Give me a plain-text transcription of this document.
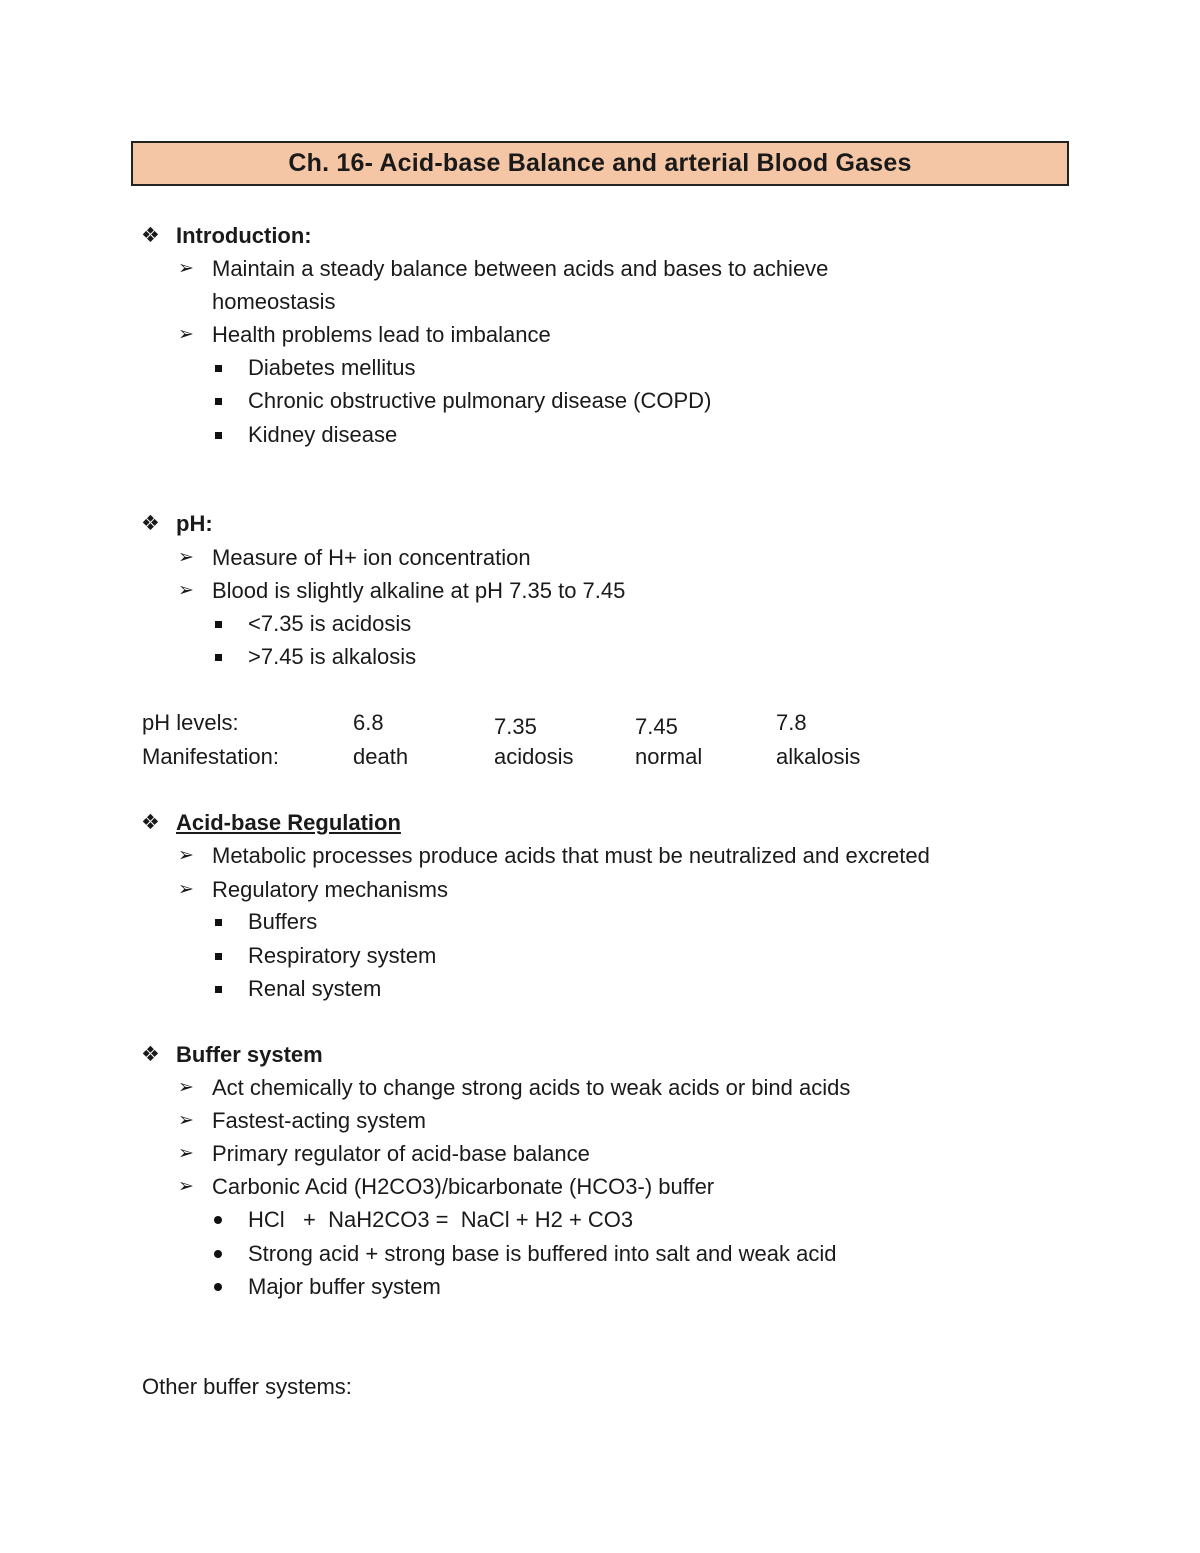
Ch. 16- Acid-base Balance and arterial Blood Gases
❖ Introduction:
➢ Maintain a steady balance between acids and bases to achieve
homeostasis
➢ Health problems lead to imbalance
Diabetes mellitus
Chronic obstructive pulmonary disease (COPD)
Kidney disease
❖ pH:
➢ Measure of H+ ion concentration
➢ Blood is slightly alkaline at pH 7.35 to 7.45
<7.35 is acidosis
>7.45 is alkalosis
pH levels:	6.8	7.35	7.45	7.8
Manifestation:	death	acidosis	normal	alkalosis
❖ Acid-base Regulation
➢ Metabolic processes produce acids that must be neutralized and excreted
➢ Regulatory mechanisms
Buffers
Respiratory system
Renal system
❖ Buffer system
➢ Act chemically to change strong acids to weak acids or bind acids
➢ Fastest-acting system
➢ Primary regulator of acid-base balance
➢ Carbonic Acid (H2CO3)/bicarbonate (HCO3-) buffer
HCl   +  NaH2CO3 =  NaCl + H2 + CO3
Strong acid + strong base is buffered into salt and weak acid
Major buffer system
Other buffer systems:
